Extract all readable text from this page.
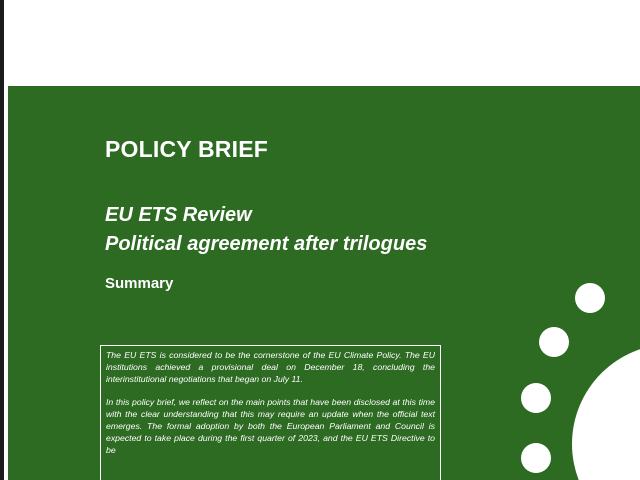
POLICY BRIEF
EU ETS Review
Political agreement after trilogues
Summary

The EU ETS is considered to be the cornerstone of the EU Climate Policy. The EU institutions achieved a provisional deal on December 18, concluding the interinstitutional negotiations that began on July 11.

In this policy brief, we reflect on the main points that have been disclosed at this time with the clear understanding that this may require an update when the official text emerges. The formal adoption by both the European Parliament and Council is expected to take place during the first quarter of 2023, and the EU ETS Directive to be
